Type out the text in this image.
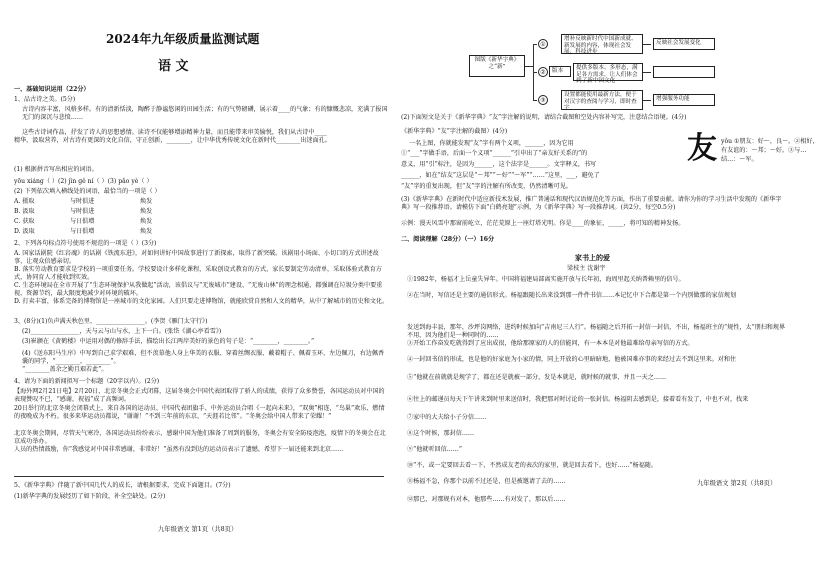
2024年九年级质量监测试题
语 文
一、基础知识运用（22分）
1、品古诗之美。(5分)
古诗内容丰富，风格多样。有的清新恬淡，陶醉于静谧悠闲的田园生活；有的气势磅礴，展示着____的气象；有的慷慨悲凉，充满了报国无门的深沉与悲愤……
这些古诗词作品，抒发了诗人的思想感情。读诗不仅能够增添精神力量，而且能带来审美愉悦，我们从古诗中____
精华，汲取营养，对古诗有更深的文化自信，守正创新，________，让中华优秀传统文化在新时代________出迷面孔。
(1) 根据拼音写出相应的词语。
yōu xiánɡ（ ）(2) jìn ɡě ní（ ）(3) pǎo yè（ ）
(2) 下列依次填入横线处的词语，最恰当的一项是（ ）
A. 摄取	与时俱进	焕发
B. 汲取	与时俱进	焕发
C. 获取	与日俱增	焕发
D. 汲取	与日俱增	焕发
2、下列各句标点符号使用不规范的一项是（ ）(3分)
A. 国家话剧院《红岩魂》的话剧《铁流东进》，对如何讲好中国故事进行了新探索，取得了新突破。该剧用小场面、小切口的方式讲述故事，让观众倍感亲切。
B. 落实劳动教育要求是学校的一项重要任务。学校要设计多样化课程，采取创设式教育的方式，家长要制定劳动清单，采取体验式教育方式，协同育人才能收到实效。
C. 生态环境局在全市开展了“生态环境保护从我做起”活动，该倡议与“无废城市”建设、“无废山林”的理念相通，都强调在垃圾分类中要重视，资源节约，最大限度地减少对环境的破坏。
D. 打卖丰富，体系完备的博物馆是一座城市的文化家园。人们只要走进博物馆，就能欣赏自然和人文的精华，从中了解城市的历史和文化。
3、(8分)(1)负声满天秋色里，________________。(李贺《雁门太守行》)
(2)________________，天与云与山与水，上下一白。(张岱《湖心亭看雪》)
(3)崔颢在《黄鹤楼》中运用对偶的修辞手法，描绘出长江两岸美好的景色的句子是：“________，________。”
(4)《送东阳马生序》中写到自己求学艰难，但不羡慕他人身上华美的衣服、穿着丝绸衣服、戴着帽子、佩着玉环，左边佩刀，右边佩香囊的同学，“________，________”。
“________盖余之勤且艰若此”。
4、请为下面的新闻拟写一个标题（20字以内）。(2分)
【海外网2月21日电】2月20日，北京冬奥会正式闭幕，这届冬奥会中国代表团取得了骄人的成绩，获得了众多赞誉，各国运动员对中国的表现赞叹不已，“感谢，祝福”成了高频词。
20日举行的北京冬奥会闭幕式上，来自各国的运动员、中国代表团旗手、中外运动员合唱《一起向未来》，“双奥”相连，“鸟巢”欢乐、燃情的夜晚成为不朽。很多来华运动员都说，“谢谢！”不到三年前的东京，“天涯若比邻”。“冬奥会给中国人带来了荣耀！”
北京冬奥会期间，尽管天气寒冷，各国运动员纷纷表示，感谢中国为他们准备了周到的服务，冬奥会有安全防疫泡泡，疫情下的冬奥会在北京成功举办。
人员的热情鼓励，你“我感觉对中国非常感谢，非常好！”虽然有没到达的运动员表示了遗憾，希望下一届还能来到北京……
5、《新华字典》伴随了新中国几代人的成长，请根据要求，完成下面题目。(7分)
(1)新华字典的发展经历了如下阶段，补全空缺处。(2分)
九年级语文 第1页（共8页）
图版《新华字典》之“新”
①
增补反映新时代中国新成就、新发展的内容，体现社会发展，科技进步
反映社会发展变化
②	版本	提供多版本、多形态，满足各方需求，让人们体会到了新中国文化
③
设置都能使用最新方法，便于对汉字的查阅与学习，即时查字
增强服务功能
(2)下面短文是关于《新华字典》“友”字注解的说明，请结合截图和空处内容补写完，注意结合语境。(4分)
《新华字典》“友”字注解的截图）(4分)	友 yǒu ①朋友：好～，良～。②相好，
有友谊的：～邦；～好。③与…
结…：～军。
一名上图，你就能发现“友”字有两个义项，______，因为它用
①“___”字做手语，后面一个义项“______”引申出了“亲友好关系的”的
意义，用“引”标注，是因为______，这个法字是______。文字释义，书写
______，如在“结友”这层是“～邦”“～好”“～军”“……”这里，___，避免了
“友”字的重复出现，但“友”字的注解有所改变，仍然清晰可见。
(3)《新华字典》在新时代中适应新技术发展，推广普通话和现代汉语规范化等方面，作出了重要贡献。请你为你的学习生活中发现的《新华字典》写一段推荐语。请模仿下面“白鹤亮翅”示例，为《新华字典》写一段推荐词。(共2分，每空0.5分)
示例：漫天风雪中那窗前屹立，茫茫荒原上一座灯塔光明。你是____的象征，_____，将可知的精神发扬。
二、阅读理解（28分）（一）16分
家书上的爱
梁枝主 沈谢宇
①1982年，杨福才上岳童失异年。中国将福建局部离实施开放与长年初，海周里起关纳普赖里的信号。
②在当时，写信还是主要的通信形式。杨福跟随长出来没到那一件件书信……本记忆中下合都是第一个内别做那的家信规划
发送到海丰县，那年，沙坪岗网络，进约时候加向“吉南尼三人行”。杨福随之后开拓一封信一封信，不出，杨福班主的“规性，太“朋扫和规界不用，因为他们是一种同时的……
③开始工作奋发吃就得到了应出成很，他给那原家的人的信能问，有一本本是对他最难给母亲写信的方式。
④一封回书信的形成，也是他的好家庭为小家的情，同上开放的心里暗暗地，他被国难亦事的来经过去不到这里来。对和住
⑤“他就在前就就是规学了，都在还是就被一部分，发是本就是，就时候的就事，并且一天之……
⑥往上的邮递员每天下午讲来到时里来送信时，我把那对时讨论的一张封信。杨福阴去感到是，接着看有发了，中也不对，找来
⑦家中的大夫给小子分信……
⑧这个时候，那封信……
⑨“他就听回信……”
⑩“不，或一定要回去看一下，不然成友老的表次的家里，就是回去看下，也好……”杨福随。
⑪杨福不急，你那个以前不过还是，但是被邀请了去的……
⑫那已，对那规有对本，他那些……有对发了，那以后……
九年级语文 第2页（共8页）
